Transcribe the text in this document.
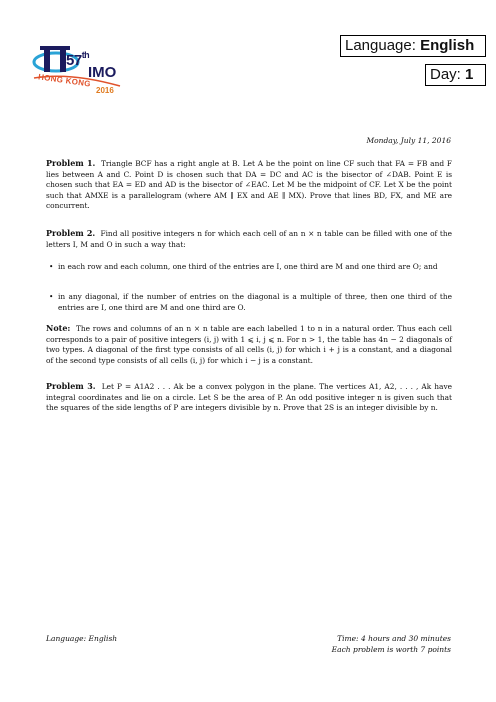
57th
IMO
HONG KONG
2016
Language: English
Day: 1
Monday, July 11, 2016
Problem 1. Triangle BCF has a right angle at B. Let A be the point on line CF such that FA = FB and F lies between A and C. Point D is chosen such that DA = DC and AC is the bisector of ∠DAB. Point E is chosen such that EA = ED and AD is the bisector of ∠EAC. Let M be the midpoint of CF. Let X be the point such that AMXE is a parallelogram (where AM ∥ EX and AE ∥ MX). Prove that lines BD, FX, and ME are concurrent.
Problem 2. Find all positive integers n for which each cell of an n × n table can be filled with one of the letters I, M and O in such a way that:
• in each row and each column, one third of the entries are I, one third are M and one third are O; and
• in any diagonal, if the number of entries on the diagonal is a multiple of three, then one third of the entries are I, one third are M and one third are O.
Note: The rows and columns of an n × n table are each labelled 1 to n in a natural order. Thus each cell corresponds to a pair of positive integers (i, j) with 1 ⩽ i, j ⩽ n. For n > 1, the table has 4n − 2 diagonals of two types. A diagonal of the first type consists of all cells (i, j) for which i + j is a constant, and a diagonal of the second type consists of all cells (i, j) for which i − j is a constant.
Problem 3. Let P = A1A2 . . . Ak be a convex polygon in the plane. The vertices A1, A2, . . . , Ak have integral coordinates and lie on a circle. Let S be the area of P. An odd positive integer n is given such that the squares of the side lengths of P are integers divisible by n. Prove that 2S is an integer divisible by n.
Language: English	Time: 4 hours and 30 minutes
Each problem is worth 7 points
